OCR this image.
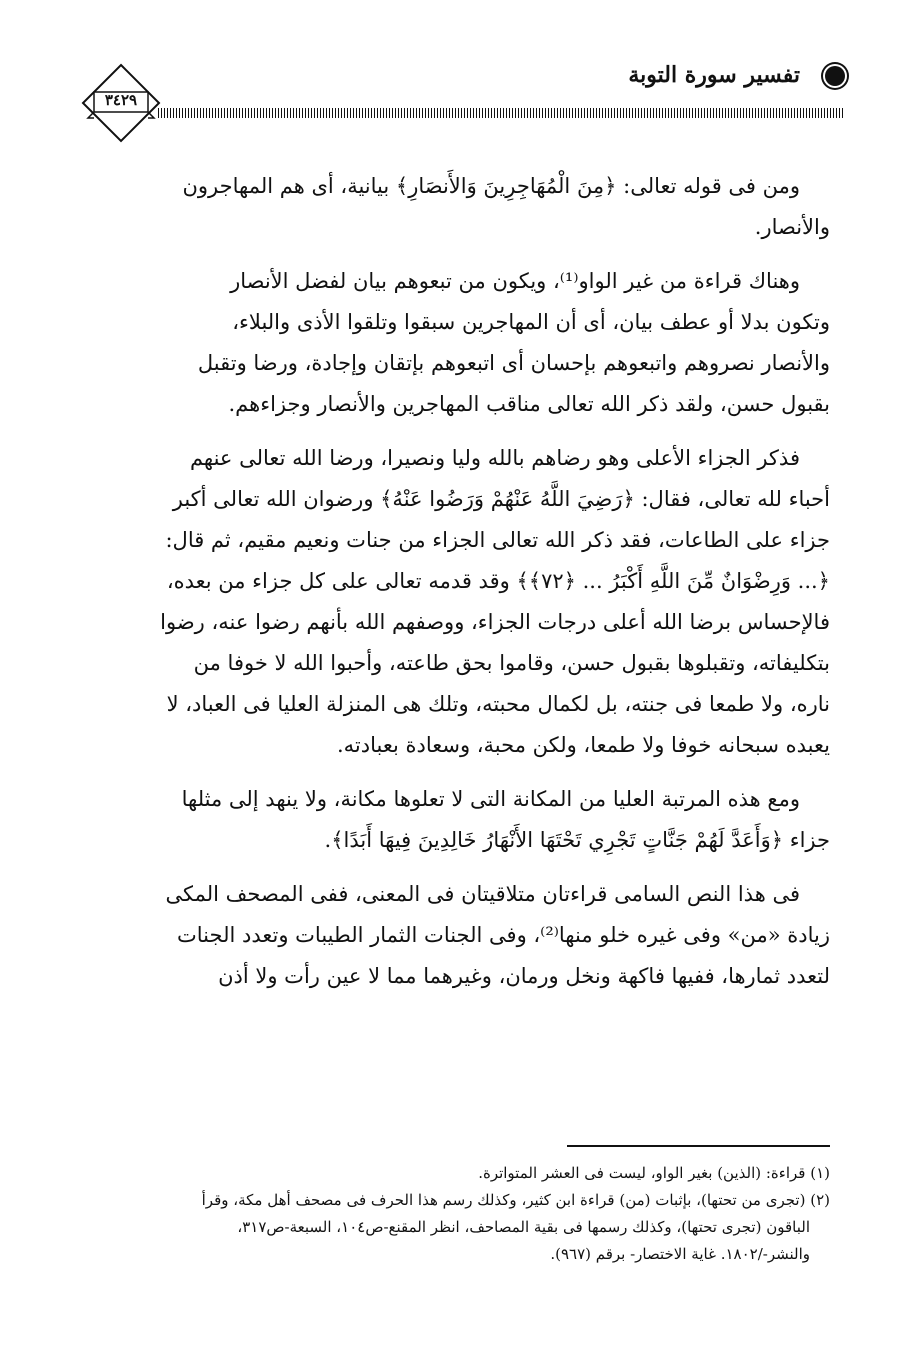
تفسير سورة التوبة
٣٤٢٩

ومن فى قوله تعالى: ﴿مِنَ الْمُهَاجِرِينَ وَالأَنصَارِ﴾ بيانية، أى هم المهاجرون

والأنصار.

وهناك قراءة من غير الواو⁽¹⁾، ويكون من تبعوهم بيان لفضل الأنصار

وتكون بدلا أو عطف بيان، أى أن المهاجرين سبقوا وتلقوا الأذى والبلاء،

والأنصار نصروهم واتبعوهم بإحسان أى اتبعوهم بإتقان وإجادة، ورضا وتقبل

بقبول حسن، ولقد ذكر الله تعالى مناقب المهاجرين والأنصار وجزاءهم.

فذكر الجزاء الأعلى وهو رضاهم بالله وليا ونصيرا، ورضا الله تعالى عنهم

أحباء لله تعالى، فقال: ﴿رَضِيَ اللَّهُ عَنْهُمْ وَرَضُوا عَنْهُ﴾ ورضوان الله تعالى أكبر

جزاء على الطاعات، فقد ذكر الله تعالى الجزاء من جنات ونعيم مقيم، ثم قال:

﴿... وَرِضْوَانٌ مِّنَ اللَّهِ أَكْبَرُ ... ﴿٧٢﴾﴾ وقد قدمه تعالى على كل جزاء من بعده،

فالإحساس برضا الله أعلى درجات الجزاء، ووصفهم الله بأنهم رضوا عنه، رضوا

بتكليفاته، وتقبلوها بقبول حسن، وقاموا بحق طاعته، وأحبوا الله لا خوفا من

ناره، ولا طمعا فى جنته، بل لكمال محبته، وتلك هى المنزلة العليا فى العباد، لا

يعبده سبحانه خوفا ولا طمعا، ولكن محبة، وسعادة بعبادته.

ومع هذه المرتبة العليا من المكانة التى لا تعلوها مكانة، ولا ينهد إلى مثلها

جزاء ﴿وَأَعَدَّ لَهُمْ جَنَّاتٍ تَجْرِي تَحْتَهَا الأَنْهَارُ خَالِدِينَ فِيهَا أَبَدًا﴾.

فى هذا النص السامى قراءتان متلاقيتان فى المعنى، ففى المصحف المكى

زيادة «من» وفى غيره خلو منها⁽²⁾، وفى الجنات الثمار الطيبات وتعدد الجنات

لتعدد ثمارها، ففيها فاكهة ونخل ورمان، وغيرهما مما لا عين رأت ولا أذن

(١) قراءة: (الذين) بغير الواو، ليست فى العشر المتواترة.

(٢) (تجرى من تحتها)، بإثبات (من) قراءة ابن كثير، وكذلك رسم هذا الحرف فى مصحف أهل مكة، وقرأ

الباقون (تجرى تحتها)، وكذلك رسمها فى بقية المصاحف، انظر المقنع-ص١٠٤، السبعة-ص٣١٧،

والنشر-/١٨٠٢. غاية الاختصار- برقم (٩٦٧).
